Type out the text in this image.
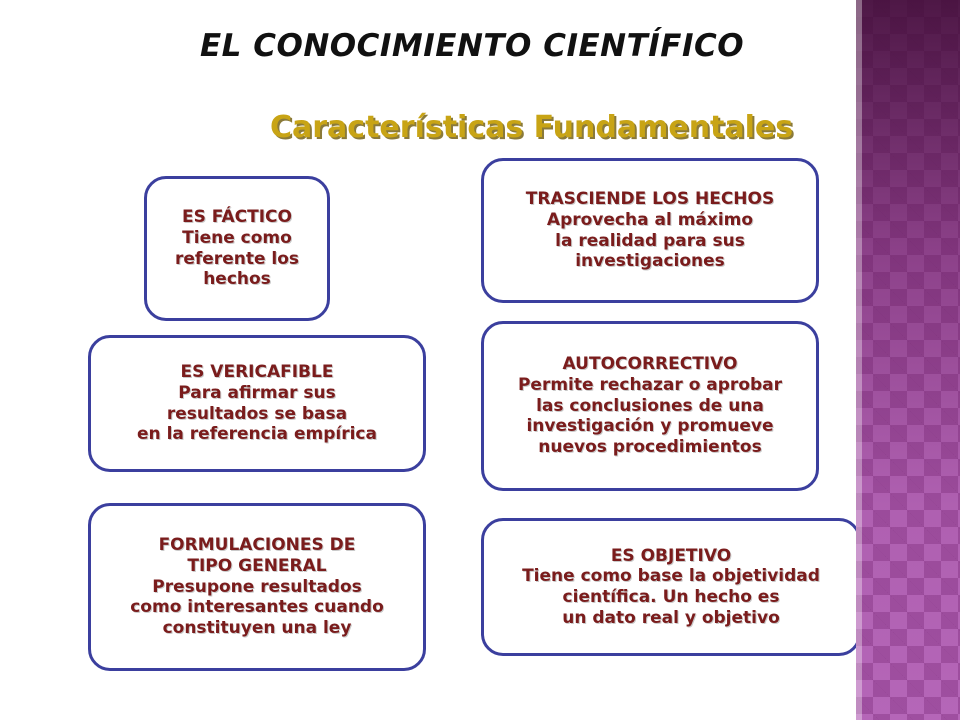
EL CONOCIMIENTO CIENTÍFICO
Características Fundamentales
ES FÁCTICO
Tiene como
referente los
hechos
ES VERICAFIBLE
Para afirmar sus
resultados se basa
en la referencia empírica
FORMULACIONES DE
TIPO GENERAL
Presupone resultados
como interesantes cuando
constituyen una ley
TRASCIENDE LOS HECHOS
Aprovecha al máximo
la realidad para sus
investigaciones
AUTOCORRECTIVO
Permite rechazar o aprobar
las conclusiones de una
investigación y promueve
nuevos procedimientos
ES OBJETIVO
Tiene como base la objetividad
científica. Un hecho es
un dato real y objetivo
